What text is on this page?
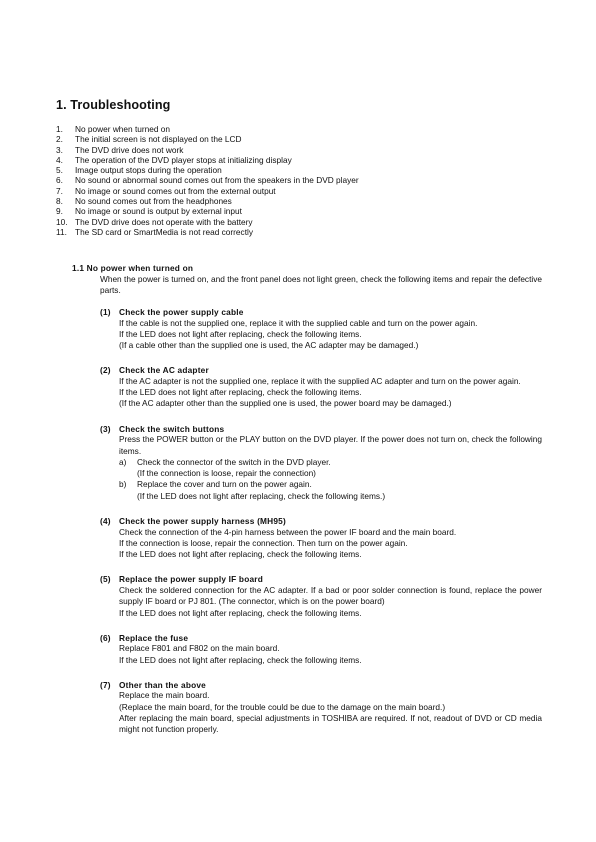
1. Troubleshooting
1. No power when turned on
2. The initial screen is not displayed on the LCD
3. The DVD drive does not work
4. The operation of the DVD player stops at initializing display
5. Image output stops during the operation
6. No sound or abnormal sound comes out from the speakers in the DVD player
7. No image or sound comes out from the external output
8. No sound comes out from the headphones
9. No image or sound is output by external input
10. The DVD drive does not operate with the battery
11. The SD card or SmartMedia is not read correctly
1.1 No power when turned on
When the power is turned on, and the front panel does not light green, check the following items and repair the defective parts.
(1) Check the power supply cable

If the cable is not the supplied one, replace it with the supplied cable and turn on the power again.

If the LED does not light after replacing, check the following items.

(If a cable other than the supplied one is used, the AC adapter may be damaged.)

(2) Check the AC adapter

If the AC adapter is not the supplied one, replace it with the supplied AC adapter and turn on the power again.

If the LED does not light after replacing, check the following items.

(If the AC adapter other than the supplied one is used, the power board may be damaged.)

(3) Check the switch buttons

Press the POWER button or the PLAY button on the DVD player. If the power does not turn on, check the following items.

a)	Check the connector of the switch in the DVD player.

(If the connection is loose, repair the connection)

b)	Replace the cover and turn on the power again.

(If the LED does not light after replacing, check the following items.)

(4) Check the power supply harness (MH95)

Check the connection of the 4-pin harness between the power IF board and the main board.

If the connection is loose, repair the connection. Then turn on the power again.

If the LED does not light after replacing, check the following items.

(5) Replace the power supply IF board

Check the soldered connection for the AC adapter. If a bad or poor solder connection is found, replace the power supply IF board or PJ 801. (The connector, which is on the power board)

If the LED does not light after replacing, check the following items.

(6) Replace the fuse

Replace F801 and F802 on the main board.

If the LED does not light after replacing, check the following items.

(7) Other than the above

Replace the main board.

(Replace the main board, for the trouble could be due to the damage on the main board.)

After replacing the main board, special adjustments in TOSHIBA are required. If not, readout of DVD or CD media might not function properly.
